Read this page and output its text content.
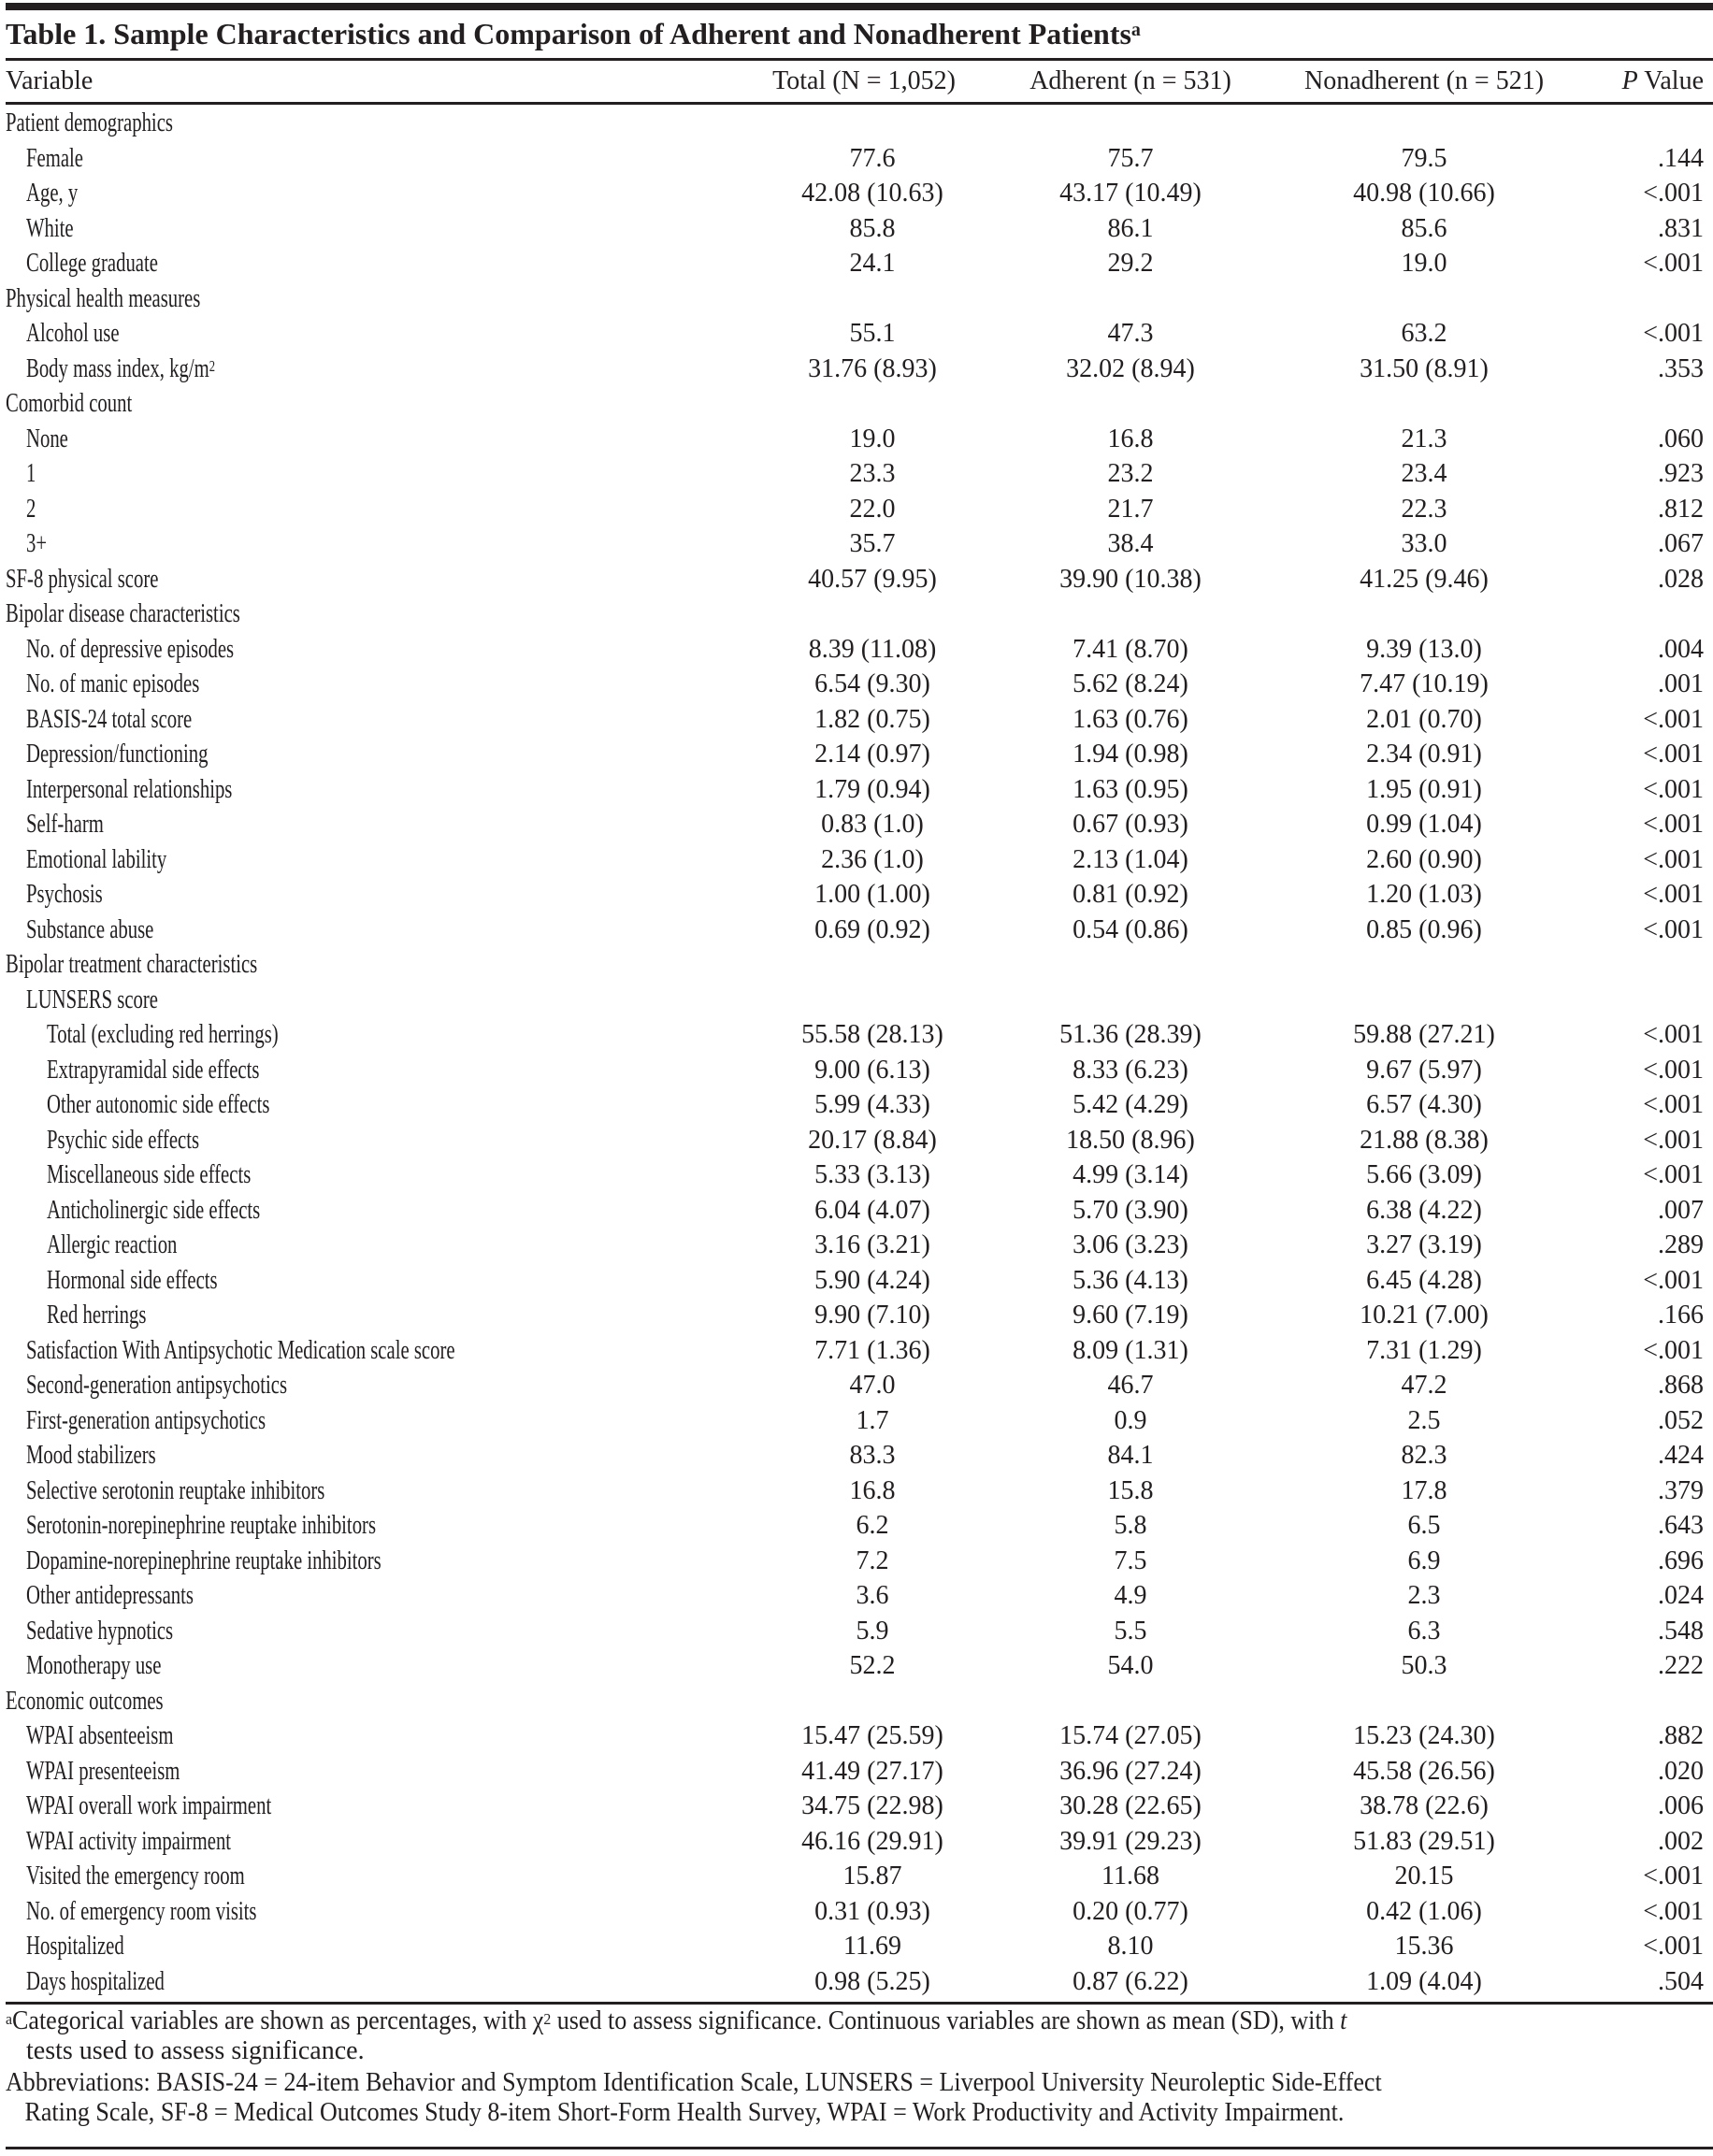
Table 1. Sample Characteristics and Comparison of Adherent and Nonadherent Patients$^a$
Variable	Total (N = 1,052)	Adherent (n = 531)	Nonadherent (n = 521)	P Value
Patient demographics
Female	77.6	75.7	79.5	.144
Age, y	42.08 (10.63)	43.17 (10.49)	40.98 (10.66)	<.001
White	85.8	86.1	85.6	.831
College graduate	24.1	29.2	19.0	<.001
Physical health measures
Alcohol use	55.1	47.3	63.2	<.001
Body mass index, $kg/m^2$	31.76 (8.93)	32.02 (8.94)	31.50 (8.91)	.353
Comorbid count
None	19.0	16.8	21.3	.060
1	23.3	23.2	23.4	.923
2	22.0	21.7	22.3	.812
3+	35.7	38.4	33.0	.067
SF-8 physical score	40.57 (9.95)	39.90 (10.38)	41.25 (9.46)	.028
Bipolar disease characteristics
No. of depressive episodes	8.39 (11.08)	7.41 (8.70)	9.39 (13.0)	.004
No. of manic episodes	6.54 (9.30)	5.62 (8.24)	7.47 (10.19)	.001
BASIS-24 total score	1.82 (0.75)	1.63 (0.76)	2.01 (0.70)	<.001
Depression/functioning	2.14 (0.97)	1.94 (0.98)	2.34 (0.91)	<.001
Interpersonal relationships	1.79 (0.94)	1.63 (0.95)	1.95 (0.91)	<.001
Self-harm	0.83 (1.0)	0.67 (0.93)	0.99 (1.04)	<.001
Emotional lability	2.36 (1.0)	2.13 (1.04)	2.60 (0.90)	<.001
Psychosis	1.00 (1.00)	0.81 (0.92)	1.20 (1.03)	<.001
Substance abuse	0.69 (0.92)	0.54 (0.86)	0.85 (0.96)	<.001
Bipolar treatment characteristics
LUNSERS score
Total (excluding red herrings)	55.58 (28.13)	51.36 (28.39)	59.88 (27.21)	<.001
Extrapyramidal side effects	9.00 (6.13)	8.33 (6.23)	9.67 (5.97)	<.001
Other autonomic side effects	5.99 (4.33)	5.42 (4.29)	6.57 (4.30)	<.001
Psychic side effects	20.17 (8.84)	18.50 (8.96)	21.88 (8.38)	<.001
Miscellaneous side effects	5.33 (3.13)	4.99 (3.14)	5.66 (3.09)	<.001
Anticholinergic side effects	6.04 (4.07)	5.70 (3.90)	6.38 (4.22)	.007
Allergic reaction	3.16 (3.21)	3.06 (3.23)	3.27 (3.19)	.289
Hormonal side effects	5.90 (4.24)	5.36 (4.13)	6.45 (4.28)	<.001
Red herrings	9.90 (7.10)	9.60 (7.19)	10.21 (7.00)	.166
Satisfaction With Antipsychotic Medication scale score	7.71 (1.36)	8.09 (1.31)	7.31 (1.29)	<.001
Second-generation antipsychotics	47.0	46.7	47.2	.868
First-generation antipsychotics	1.7	0.9	2.5	.052
Mood stabilizers	83.3	84.1	82.3	.424
Selective serotonin reuptake inhibitors	16.8	15.8	17.8	.379
Serotonin-norepinephrine reuptake inhibitors	6.2	5.8	6.5	.643
Dopamine-norepinephrine reuptake inhibitors	7.2	7.5	6.9	.696
Other antidepressants	3.6	4.9	2.3	.024
Sedative hypnotics	5.9	5.5	6.3	.548
Monotherapy use	52.2	54.0	50.3	.222
Economic outcomes
WPAI absenteeism	15.47 (25.59)	15.74 (27.05)	15.23 (24.30)	.882
WPAI presenteeism	41.49 (27.17)	36.96 (27.24)	45.58 (26.56)	.020
WPAI overall work impairment	34.75 (22.98)	30.28 (22.65)	38.78 (22.6)	.006
WPAI activity impairment	46.16 (29.91)	39.91 (29.23)	51.83 (29.51)	.002
Visited the emergency room	15.87	11.68	20.15	<.001
No. of emergency room visits	0.31 (0.93)	0.20 (0.77)	0.42 (1.06)	<.001
Hospitalized	11.69	8.10	15.36	<.001
Days hospitalized	0.98 (5.25)	0.87 (6.22)	1.09 (4.04)	.504
$^a$Categorical variables are shown as percentages, with $\chi^2$ used to assess significance. Continuous variables are shown as mean (SD), with t
tests used to assess significance.
Abbreviations: BASIS-24 = 24-item Behavior and Symptom Identification Scale, LUNSERS = Liverpool University Neuroleptic Side-Effect
Rating Scale, SF-8 = Medical Outcomes Study 8-item Short-Form Health Survey, WPAI = Work Productivity and Activity Impairment.
